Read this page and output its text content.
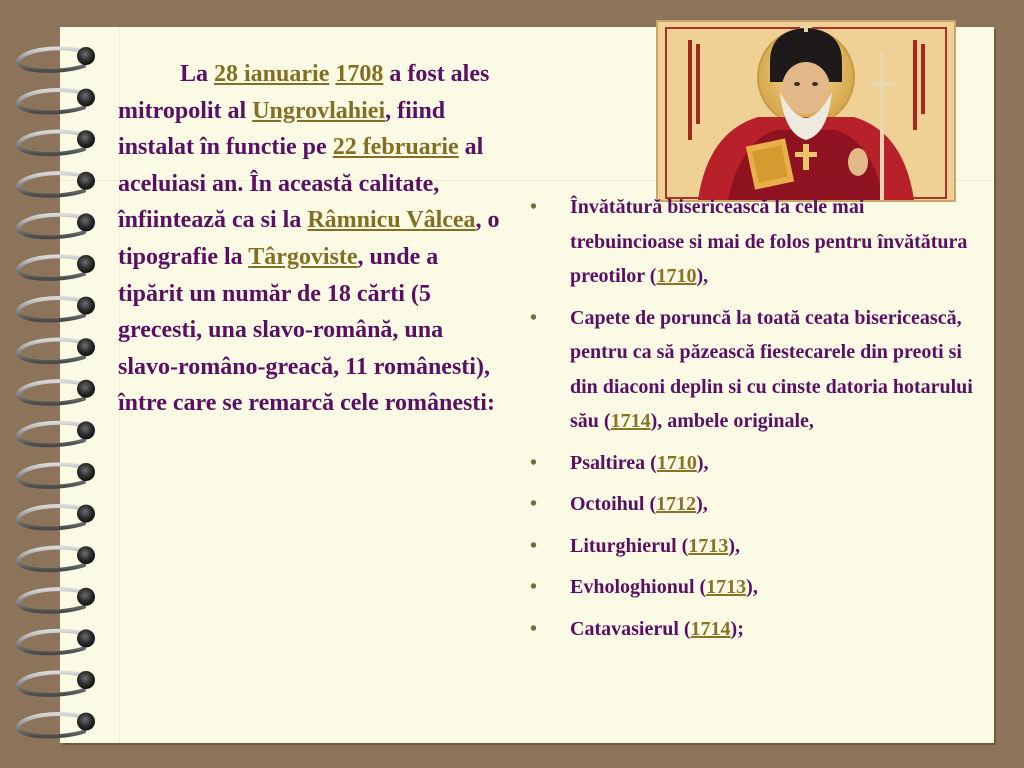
La 28 ianuarie 1708 a fost ales mitropolit al Ungrovlahiei, fiind instalat în functie pe 22 februarie al aceluiasi an. În această calitate, înfiintează ca si la Râmnicu Vâlcea, o tipografie la Târgoviste, unde a tipărit un număr de 18 cărti (5 grecesti, una slavo-română, una slavo-româno-greacă, 11 românesti), între care se remarcă cele românesti:
•	Învătătură bisericească la cele mai trebuincioase si mai de folos pentru învătătura preotilor (1710),
•	Capete de poruncă la toată ceata bisericească, pentru ca să păzească fiestecarele din preoti si din diaconi deplin si cu cinste datoria hotarului său (1714), ambele originale,
•	Psaltirea (1710),
•	Octoihul (1712),
•	Liturghierul (1713),
•	Evhologhionul (1713),
•	Catavasierul (1714);
